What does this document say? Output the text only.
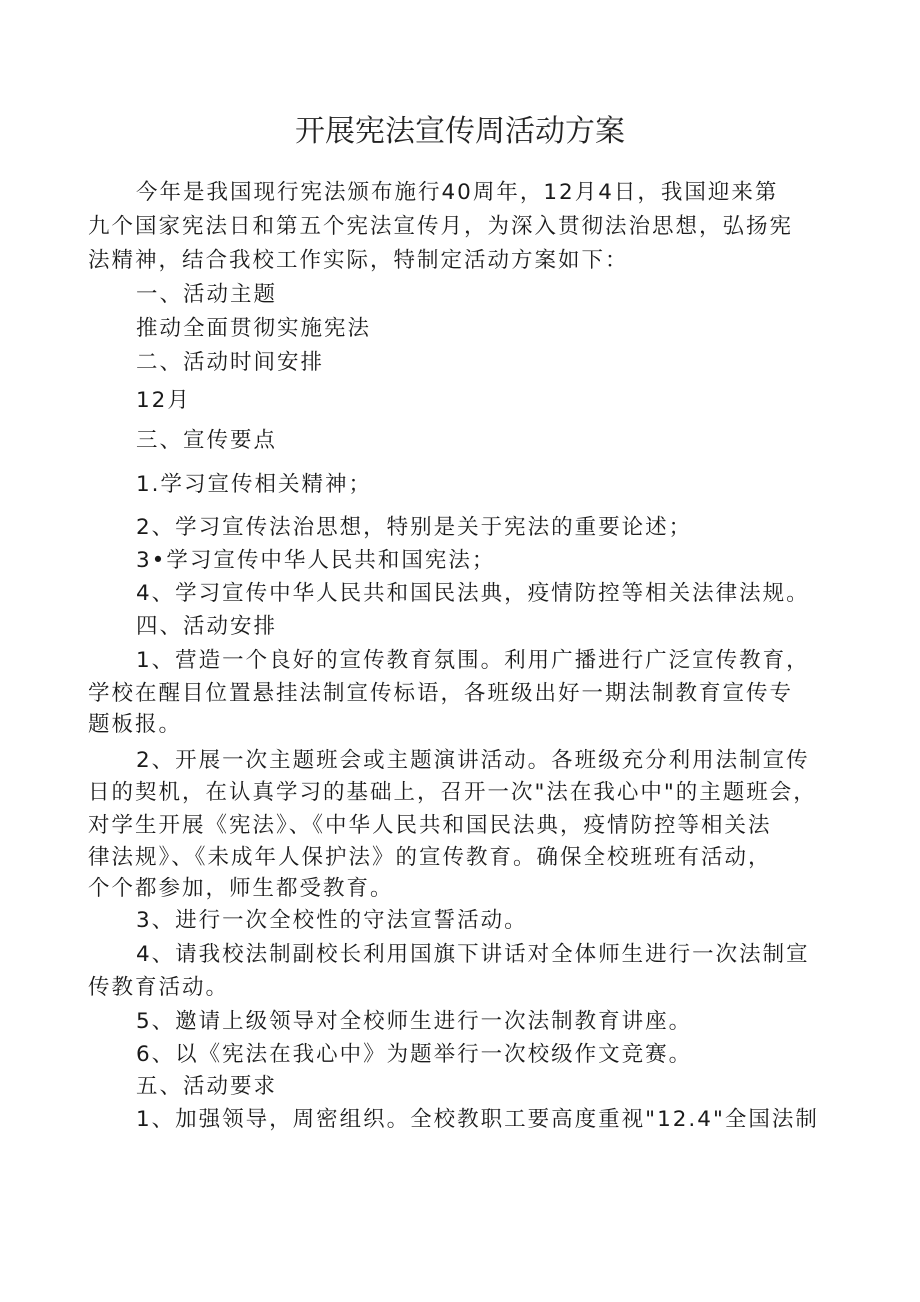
开展宪法宣传周活动方案
今年是我国现行宪法颁布施行40周年，12月4日，我国迎来第
九个国家宪法日和第五个宪法宣传月，为深入贯彻法治思想，弘扬宪
法精神，结合我校工作实际，特制定活动方案如下：
一、活动主题
推动全面贯彻实施宪法
二、活动时间安排
12月
三、宣传要点
1.学习宣传相关精神；
2、学习宣传法治思想，特别是关于宪法的重要论述；
3•学习宣传中华人民共和国宪法；
4、学习宣传中华人民共和国民法典，疫情防控等相关法律法规。
四、活动安排
1、营造一个良好的宣传教育氛围。利用广播进行广泛宣传教育，
学校在醒目位置悬挂法制宣传标语，各班级出好一期法制教育宣传专
题板报。
2、开展一次主题班会或主题演讲活动。各班级充分利用法制宣传
日的契机，在认真学习的基础上，召开一次"法在我心中"的主题班会，
对学生开展《宪法》、《中华人民共和国民法典，疫情防控等相关法
律法规》、《未成年人保护法》的宣传教育。确保全校班班有活动，
个个都参加，师生都受教育。
3、进行一次全校性的守法宣誓活动。
4、请我校法制副校长利用国旗下讲话对全体师生进行一次法制宣
传教育活动。
5、邀请上级领导对全校师生进行一次法制教育讲座。
6、以《宪法在我心中》为题举行一次校级作文竞赛。
五、活动要求
1、加强领导，周密组织。全校教职工要高度重视"12.4"全国法制
